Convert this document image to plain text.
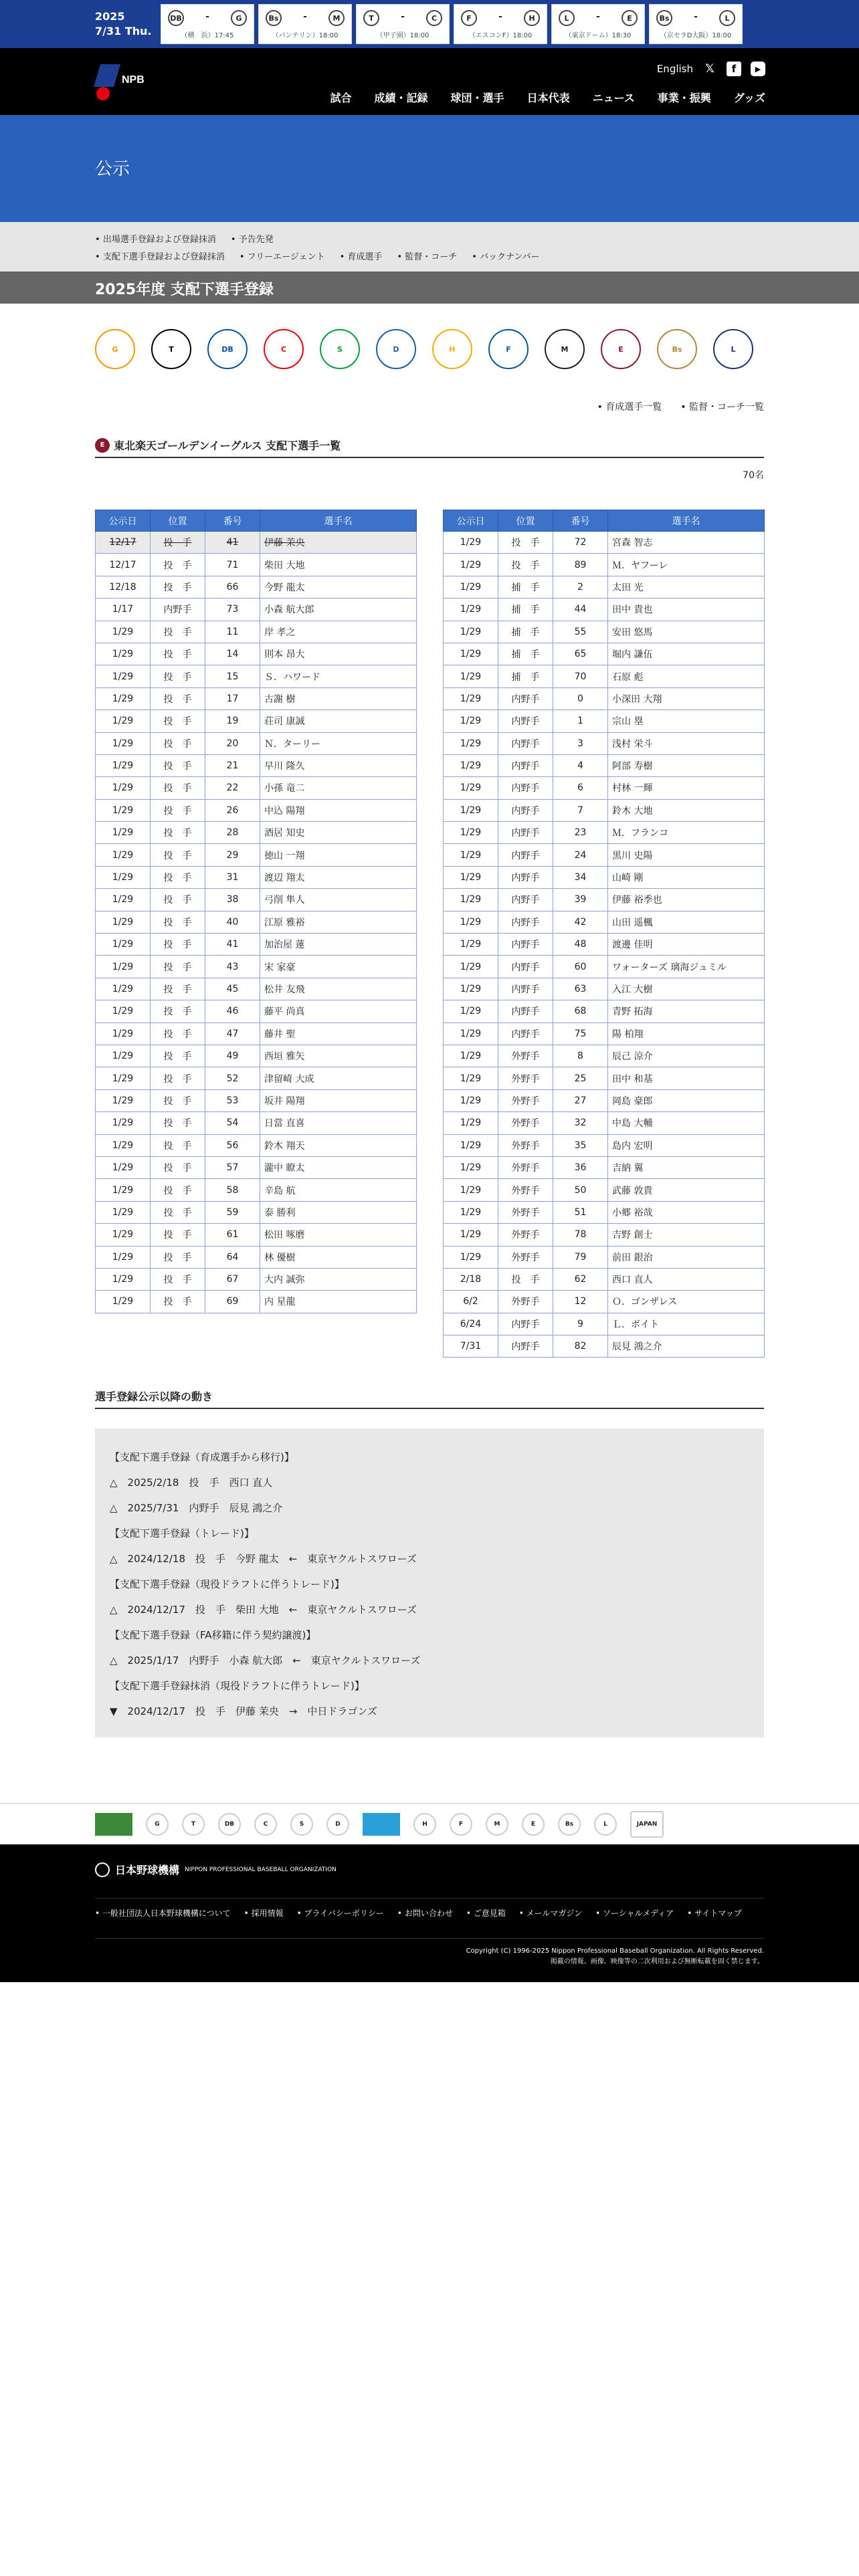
2025
7/31 Thu.
DB	-	G
（横　浜）17:45
Bs	-	M
（バンテリン）18:00
T	-	C
（甲子園）18:00
F	-	H
（エスコンF）18:00
L	-	E
（東京ドーム）18:30
Bs	-	L
（京セラD大阪）18:00
NPB
English 𝕏	f	▶
試合 成績・記録 球団・選手 日本代表 ニュース 事業・振興 グッズ
公示
• 出場選手登録および登録抹消	• 予告先発
• 支配下選手登録および登録抹消	• フリーエージェント	• 育成選手	• 監督・コーチ	• バックナンバー
2025年度 支配下選手登録
G	T	DB	C	S	D	H	F	M	E	Bs	L
• 育成選手一覧	• 監督・コーチ一覧
E 東北楽天ゴールデンイーグルス 支配下選手一覧
70名
公示日	位置	番号	選手名
12/17	投　手	41	伊藤 茉央
12/17	投　手	71	柴田 大地
12/18	投　手	66	今野 龍太
1/17	内野手	73	小森 航大郎
1/29	投　手	11	岸 孝之
1/29	投　手	14	則本 昂大
1/29	投　手	15	Ｓ．ハワード
1/29	投　手	17	古謝 樹
1/29	投　手	19	荘司 康誠
1/29	投　手	20	Ｎ．ターリー
1/29	投　手	21	早川 隆久
1/29	投　手	22	小孫 竜二
1/29	投　手	26	中込 陽翔
1/29	投　手	28	酒居 知史
1/29	投　手	29	徳山 一翔
1/29	投　手	31	渡辺 翔太
1/29	投　手	38	弓削 隼人
1/29	投　手	40	江原 雅裕
1/29	投　手	41	加治屋 蓮
1/29	投　手	43	宋 家豪
1/29	投　手	45	松井 友飛
1/29	投　手	46	藤平 尚真
1/29	投　手	47	藤井 聖
1/29	投　手	49	西垣 雅矢
1/29	投　手	52	津留崎 大成
1/29	投　手	53	坂井 陽翔
1/29	投　手	54	日當 直喜
1/29	投　手	56	鈴木 翔天
1/29	投　手	57	瀧中 瞭太
1/29	投　手	58	辛島 航
1/29	投　手	59	泰 勝利
1/29	投　手	61	松田 啄磨
1/29	投　手	64	林 優樹
1/29	投　手	67	大内 誠弥
1/29	投　手	69	内 星龍
公示日	位置	番号	選手名
1/29	投　手	72	宮森 智志
1/29	投　手	89	Ｍ．ヤフーレ
1/29	捕　手	2	太田 光
1/29	捕　手	44	田中 貴也
1/29	捕　手	55	安田 悠馬
1/29	捕　手	65	堀内 謙伍
1/29	捕　手	70	石原 彪
1/29	内野手	0	小深田 大翔
1/29	内野手	1	宗山 塁
1/29	内野手	3	浅村 栄斗
1/29	内野手	4	阿部 寿樹
1/29	内野手	6	村林 一輝
1/29	内野手	7	鈴木 大地
1/29	内野手	23	Ｍ．フランコ
1/29	内野手	24	黒川 史陽
1/29	内野手	34	山崎 剛
1/29	内野手	39	伊藤 裕季也
1/29	内野手	42	山田 遥楓
1/29	内野手	48	渡邊 佳明
1/29	内野手	60	ワォーターズ 璃海ジュミル
1/29	内野手	63	入江 大樹
1/29	内野手	68	青野 拓海
1/29	内野手	75	陽 柏翔
1/29	外野手	8	辰己 涼介
1/29	外野手	25	田中 和基
1/29	外野手	27	岡島 豪郎
1/29	外野手	32	中島 大輔
1/29	外野手	35	島内 宏明
1/29	外野手	36	吉納 翼
1/29	外野手	50	武藤 敦貴
1/29	外野手	51	小郷 裕哉
1/29	外野手	78	吉野 創士
1/29	外野手	79	前田 銀治
2/18	投　手	62	西口 直人
6/2	外野手	12	Ｏ．ゴンザレス
6/24	内野手	9	Ｌ．ボイト
7/31	内野手	82	辰見 鴻之介
選手登録公示以降の動き
【支配下選手登録（育成選手から移行)】
△　2025/2/18　投　手　西口 直人
△　2025/7/31　内野手　辰見 鴻之介
【支配下選手登録（トレード)】
△　2024/12/18　投　手　今野 龍太　←　東京ヤクルトスワローズ
【支配下選手登録（現役ドラフトに伴うトレード)】
△　2024/12/17　投　手　柴田 大地　←　東京ヤクルトスワローズ
【支配下選手登録（FA移籍に伴う契約譲渡)】
△　2025/1/17　内野手　小森 航大郎　←　東京ヤクルトスワローズ
【支配下選手登録抹消（現役ドラフトに伴うトレード)】
▼　2024/12/17　投　手　伊藤 茉央　→　中日ドラゴンズ
G	T	DB	C	S	D	H	F	M	E	Bs	L	JAPAN
日本野球機構 NIPPON PROFESSIONAL BASEBALL ORGANIZATION
• 一般社団法人日本野球機構について	• 採用情報	• プライバシーポリシー	• お問い合わせ	• ご意見箱	• メールマガジン	• ソーシャルメディア	• サイトマップ
Copyright (C) 1996-2025 Nippon Professional Baseball Organization. All Rights Reserved.
掲載の情報、画像、映像等の二次利用および無断転載を固く禁じます。
